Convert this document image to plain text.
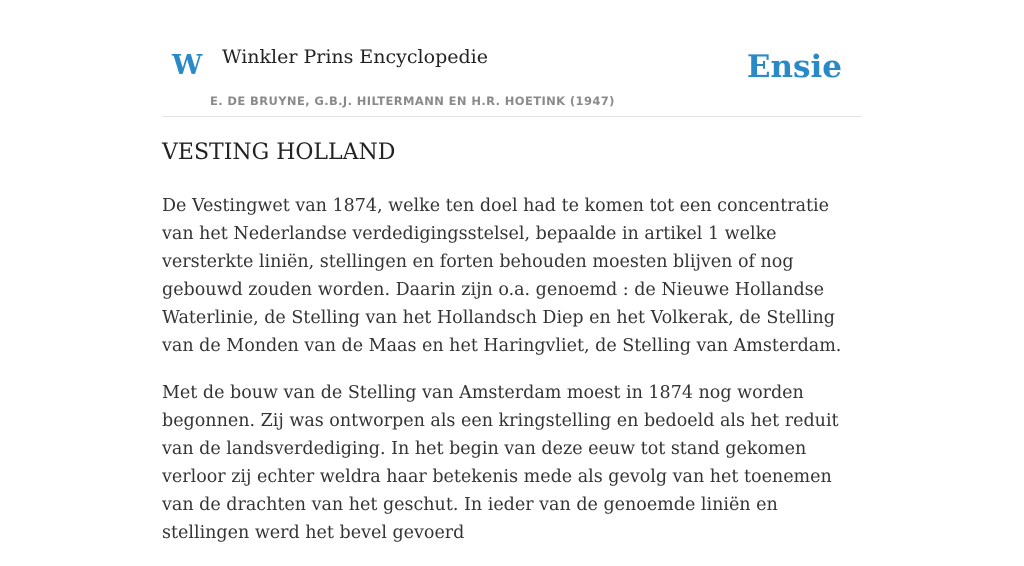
W Winkler Prins Encyclopedie
E. DE BRUYNE, G.B.J. HILTERMANN EN H.R. HOETINK (1947)
Ensie
VESTING HOLLAND

De Vestingwet van 1874, welke ten doel had te komen tot een concentratie van het Nederlandse verdedigingsstelsel, bepaalde in artikel 1 welke versterkte liniën, stellingen en forten behouden moesten blijven of nog gebouwd zouden worden. Daarin zijn o.a. genoemd : de Nieuwe Hollandse Waterlinie, de Stelling van het Hollandsch Diep en het Volkerak, de Stelling van de Monden van de Maas en het Haringvliet, de Stelling van Amsterdam.

Met de bouw van de Stelling van Amsterdam moest in 1874 nog worden begonnen. Zij was ontworpen als een kringstelling en bedoeld als het reduit van de landsverdediging. In het begin van deze eeuw tot stand gekomen verloor zij echter weldra haar betekenis mede als gevolg van het toenemen van de drachten van het geschut. In ieder van de genoemde liniën en stellingen werd het bevel gevoerd
